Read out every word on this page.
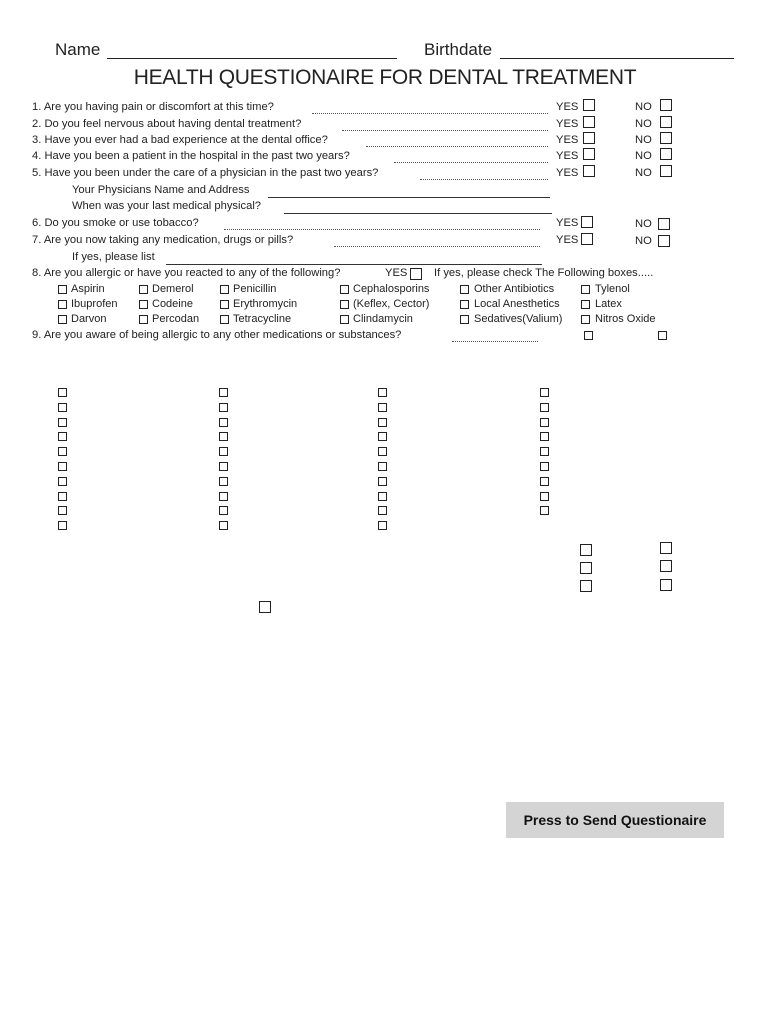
Name	Birthdate
HEALTH QUESTIONAIRE FOR DENTAL TREATMENT
1. Are you having pain or discomfort at this time?
2. Do you feel nervous about having dental treatment?
3. Have you ever had a bad experience at the dental office?
4. Have you been a patient in the hospital in the past two years?
5. Have you been under the care of a physician in the past two years?
Your Physicians Name and Address
When was your last medical physical?
6. Do you smoke or use tobacco?
7. Are you now taking any medication, drugs or pills?
If yes, please list
YES
YES
YES
YES
YES
NO
NO
NO
NO
NO
YES
YES
NO
NO
8. Are you allergic or have you reacted to any of the following?	YES If yes, please check The Following boxes.....
Aspirin
Ibuprofen
Darvon
Demerol
Codeine
Percodan
Penicillin
Erythromycin
Tetracycline
Cephalosporins
(Keflex, Cector)
Clindamycin
Other Antibiotics
Local Anesthetics
Sedatives(Valium)
Tylenol
Latex
Nitros Oxide
9. Are you aware of being allergic to any other medications or substances?
Press to Send Questionaire
